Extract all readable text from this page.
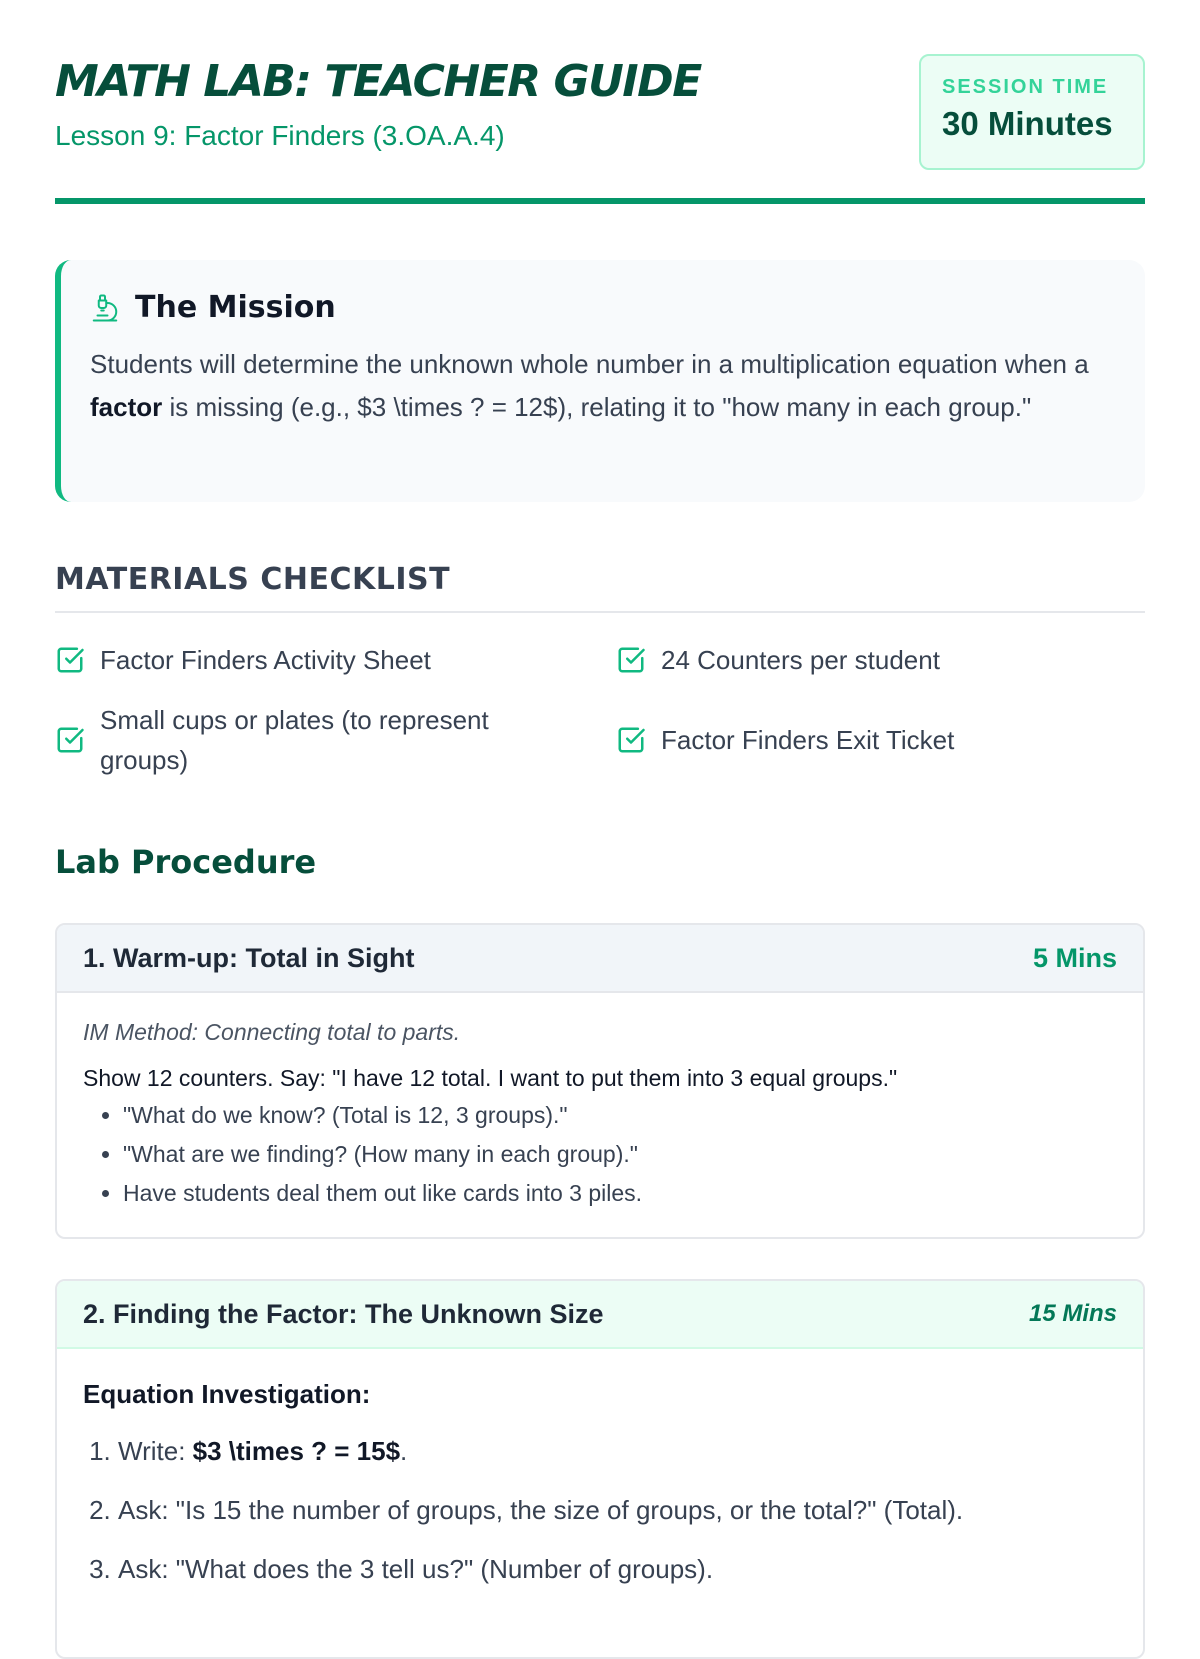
MATH LAB: TEACHER GUIDE
Lesson 9: Factor Finders (3.OA.A.4)
SESSION TIME
30 Minutes
The Mission
Students will determine the unknown whole number in a multiplication equation when a factor is missing (e.g., $3 \times ? = 12$), relating it to "how many in each group."
MATERIALS CHECKLIST
Factor Finders Activity Sheet	24 Counters per student
Small cups or plates (to represent groups)
Factor Finders Exit Ticket
Lab Procedure
1. Warm-up: Total in Sight	5 Mins
IM Method: Connecting total to parts.
Show 12 counters. Say: "I have 12 total. I want to put them into 3 equal groups."
• "What do we know? (Total is 12, 3 groups)."
• "What are we finding? (How many in each group)."
• Have students deal them out like cards into 3 piles.
2. Finding the Factor: The Unknown Size	15 Mins
Equation Investigation:
1. Write: $3 \times ? = 15$.
2. Ask: "Is 15 the number of groups, the size of groups, or the total?" (Total).
3. Ask: "What does the 3 tell us?" (Number of groups).
